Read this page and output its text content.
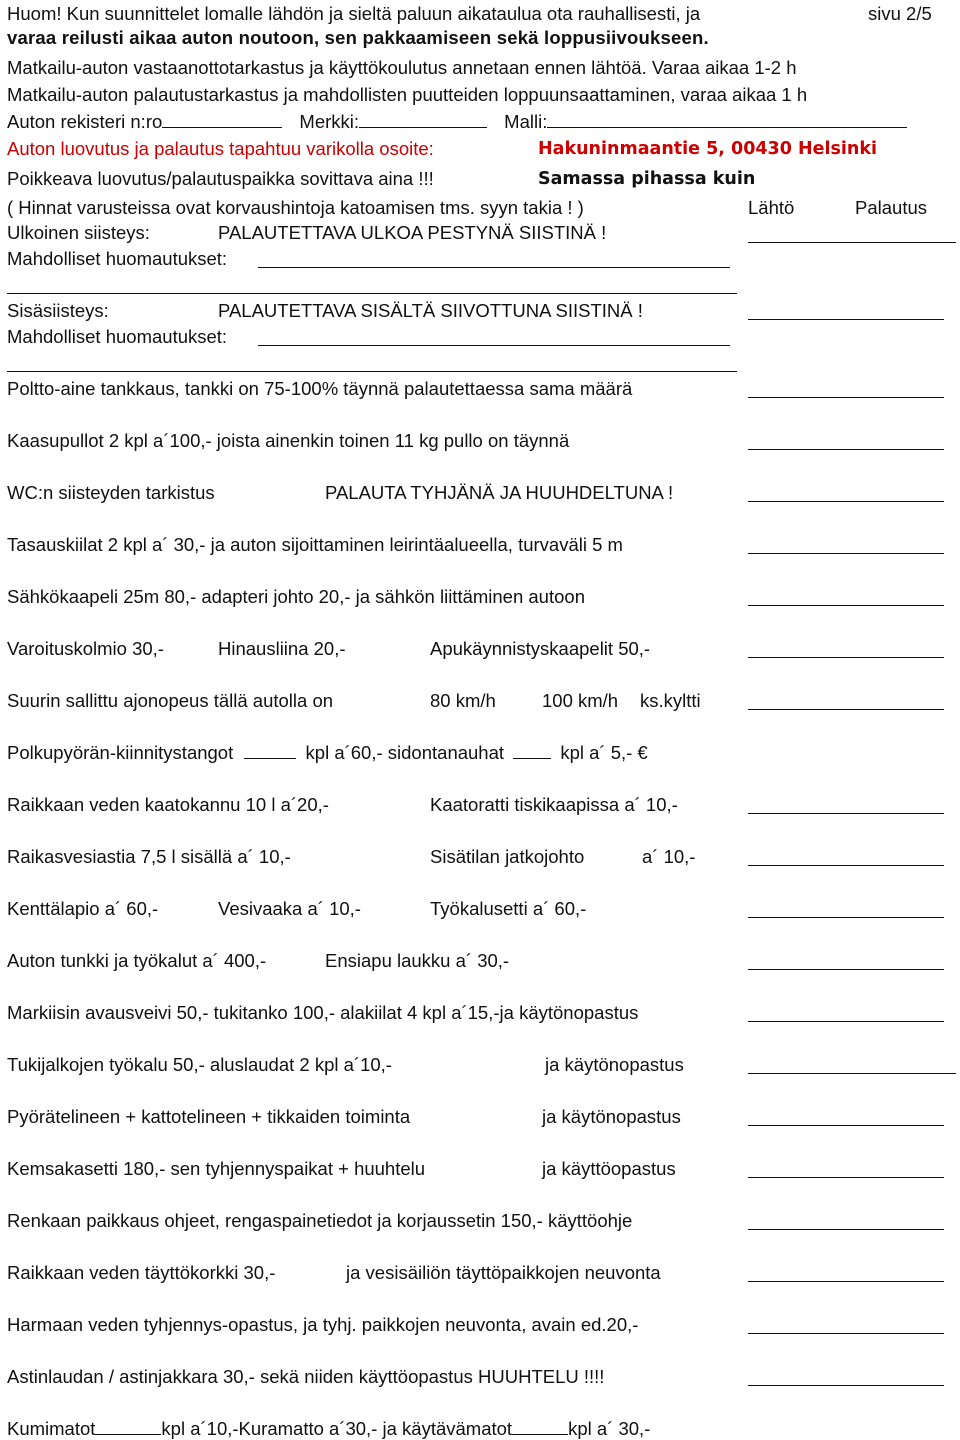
Huom! Kun suunnittelet lomalle lähdön ja sieltä paluun aikataulua ota rauhallisesti, ja	sivu 2/5
varaa reilusti aikaa auton noutoon, sen pakkaamiseen sekä loppusiivoukseen.
Matkailu-auton vastaanottotarkastus ja käyttökoulutus annetaan ennen lähtöä. Varaa aikaa 1-2 h
Matkailu-auton palautustarkastus ja mahdollisten puutteiden loppuunsaattaminen, varaa aikaa 1 h
Auton rekisteri n:ro	Merkki:	Malli:
Auton luovutus ja palautus tapahtuu varikolla osoite:	Hakuninmaantie 5, 00430 Helsinki
Poikkeava luovutus/palautuspaikka sovittava aina !!!	Samassa pihassa kuin
( Hinnat varusteissa ovat korvaushintoja katoamisen tms. syyn takia ! )	Lähtö	Palautus
Ulkoinen siisteys:	PALAUTETTAVA ULKOA PESTYNÄ SIISTINÄ !
Mahdolliset huomautukset:
Sisäsiisteys:	PALAUTETTAVA SISÄLTÄ SIIVOTTUNA SIISTINÄ !
Mahdolliset huomautukset:
Poltto-aine tankkaus, tankki on 75-100% täynnä palautettaessa sama määrä
Kaasupullot 2 kpl a´100,- joista ainenkin toinen 11 kg pullo on täynnä
WC:n siisteyden tarkistus	PALAUTA TYHJÄNÄ JA HUUHDELTUNA !
Tasauskiilat 2 kpl a´ 30,- ja auton sijoittaminen leirintäalueella, turvaväli 5 m
Sähkökaapeli 25m 80,- adapteri johto 20,- ja sähkön liittäminen autoon
Varoituskolmio 30,-	Hinausliina 20,-	Apukäynnistyskaapelit 50,-
Suurin sallittu ajonopeus tällä autolla on	80 km/h 100 km/h ks.kyltti
Polkupyörän-kiinnitystangot	kpl a´60,- sidontanauhat	kpl a´ 5,- €
Raikkaan veden kaatokannu 10 l a´20,-	Kaatoratti tiskikaapissa a´ 10,-
Raikasvesiastia 7,5 l sisällä a´ 10,-	Sisätilan jatkojohto	a´ 10,-
Kenttälapio a´ 60,-	Vesivaaka a´ 10,-	Työkalusetti a´ 60,-
Auton tunkki ja työkalut a´ 400,-	Ensiapu laukku a´ 30,-
Markiisin avausveivi 50,- tukitanko 100,- alakiilat 4 kpl a´15,-ja käytönopastus
Tukijalkojen työkalu 50,- aluslaudat 2 kpl a´10,-	ja käytönopastus
Pyörätelineen + kattotelineen + tikkaiden toiminta	ja käytönopastus
Kemsakasetti 180,- sen tyhjennyspaikat + huuhtelu	ja käyttöopastus
Renkaan paikkaus ohjeet, rengaspainetiedot ja korjaussetin 150,- käyttöohje
Raikkaan veden täyttökorkki 30,-	ja vesisäiliön täyttöpaikkojen neuvonta
Harmaan veden tyhjennys-opastus, ja tyhj. paikkojen neuvonta, avain ed.20,-
Astinlaudan / astinjakkara 30,- sekä niiden käyttöopastus HUUHTELU !!!!
Kumimatot	kpl a´10,-Kuramatto a´30,- ja käytävämatot	kpl a´ 30,-
